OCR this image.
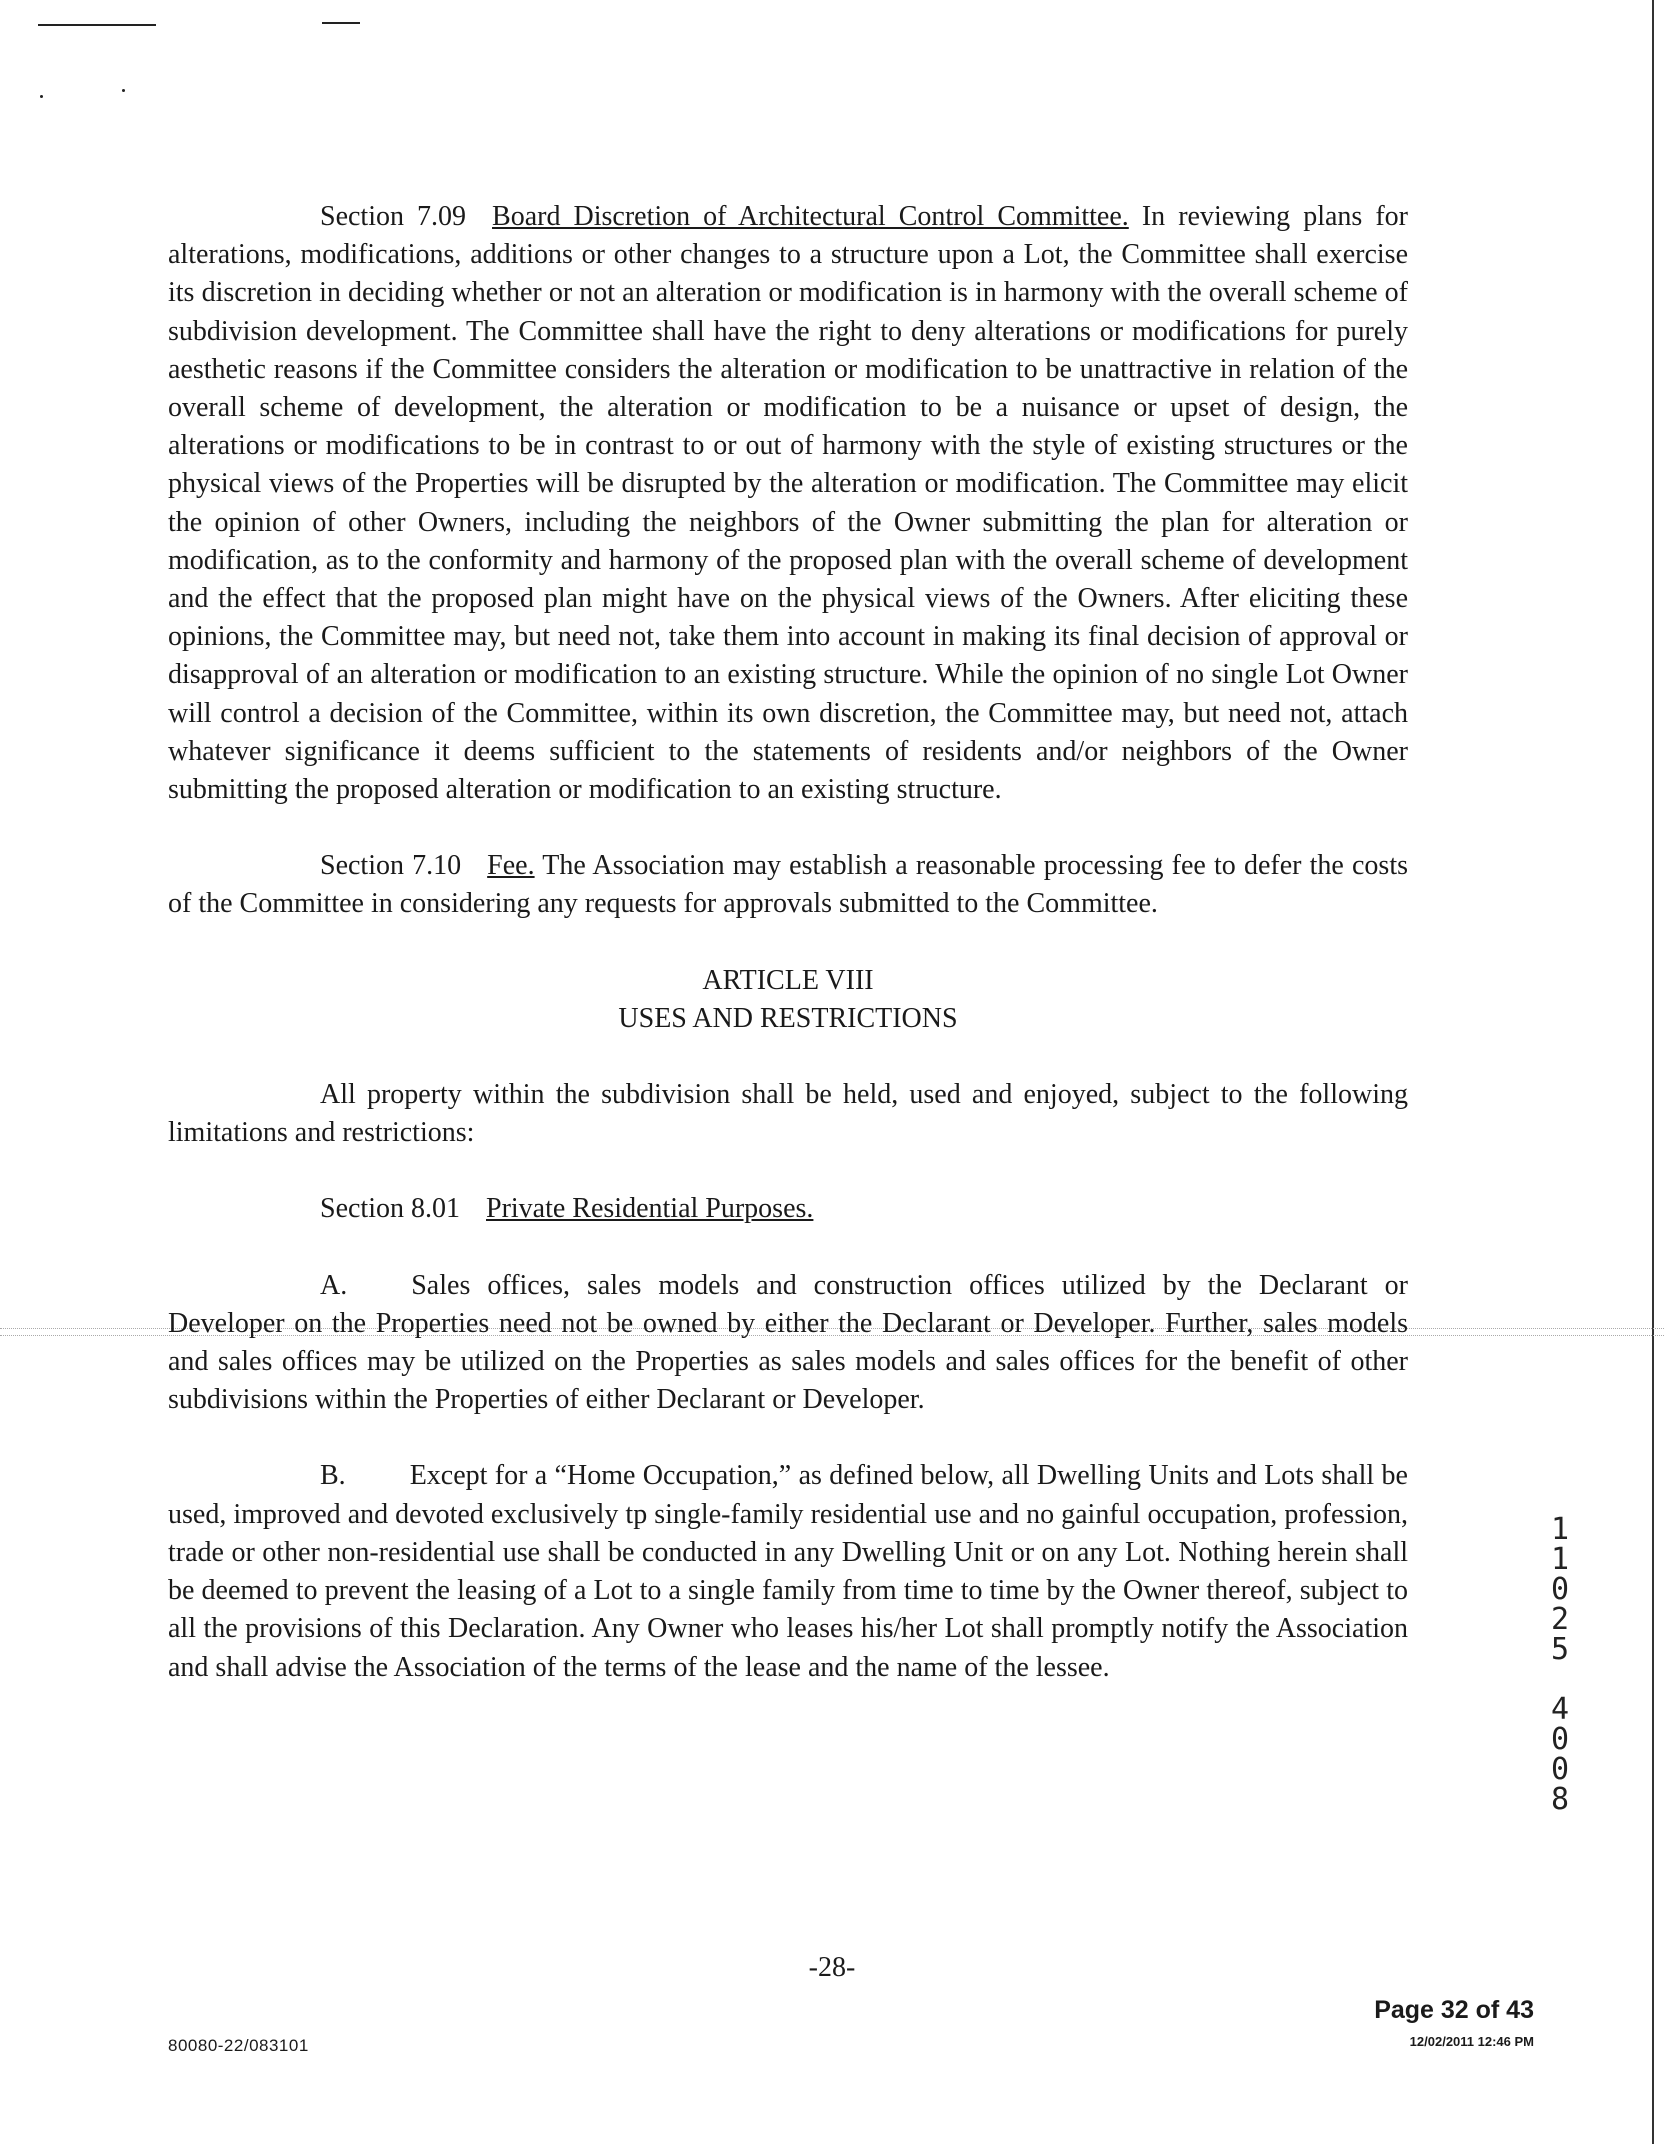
Section 7.09 Board Discretion of Architectural Control Committee. In reviewing plans for alterations, modifications, additions or other changes to a structure upon a Lot, the Committee shall exercise its discretion in deciding whether or not an alteration or modification is in harmony with the overall scheme of subdivision development. The Committee shall have the right to deny alterations or modifications for purely aesthetic reasons if the Committee considers the alteration or modification to be unattractive in relation of the overall scheme of development, the alteration or modification to be a nuisance or upset of design, the alterations or modifications to be in contrast to or out of harmony with the style of existing structures or the physical views of the Properties will be disrupted by the alteration or modification. The Committee may elicit the opinion of other Owners, including the neighbors of the Owner submitting the plan for alteration or modification, as to the conformity and harmony of the proposed plan with the overall scheme of development and the effect that the proposed plan might have on the physical views of the Owners. After eliciting these opinions, the Committee may, but need not, take them into account in making its final decision of approval or disapproval of an alteration or modification to an existing structure. While the opinion of no single Lot Owner will control a decision of the Committee, within its own discretion, the Committee may, but need not, attach whatever significance it deems sufficient to the statements of residents and/or neighbors of the Owner submitting the proposed alteration or modification to an existing structure.

Section 7.10 Fee. The Association may establish a reasonable processing fee to defer the costs of the Committee in considering any requests for approvals submitted to the Committee.

ARTICLE VIII
USES AND RESTRICTIONS

All property within the subdivision shall be held, used and enjoyed, subject to the following limitations and restrictions:

Section 8.01 Private Residential Purposes.

A. Sales offices, sales models and construction offices utilized by the Declarant or Developer on the Properties need not be owned by either the Declarant or Developer. Further, sales models and sales offices may be utilized on the Properties as sales models and sales offices for the benefit of other subdivisions within the Properties of either Declarant or Developer.

B. Except for a “Home Occupation,” as defined below, all Dwelling Units and Lots shall be used, improved and devoted exclusively tp single-family residential use and no gainful occupation, profession, trade or other non-residential use shall be conducted in any Dwelling Unit or on any Lot. Nothing herein shall be deemed to prevent the leasing of a Lot to a single family from time to time by the Owner thereof, subject to all the provisions of this Declaration. Any Owner who leases his/her Lot shall promptly notify the Association and shall advise the Association of the terms of the lease and the name of the lessee.

1
1
0
2
5
4
0
0
8
-28-
80080-22/083101
Page 32 of 43
12/02/2011 12:46 PM
